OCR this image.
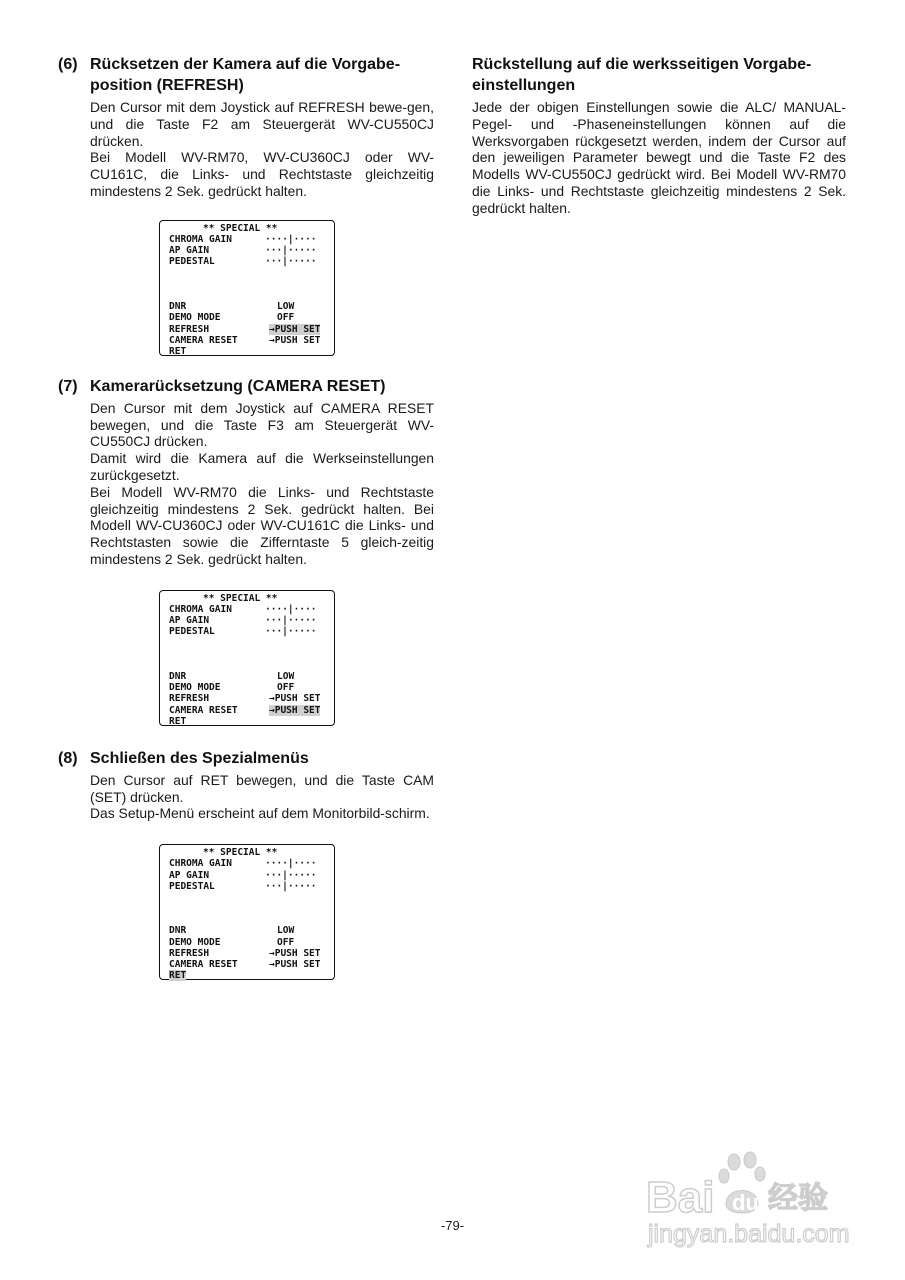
(6) Rücksetzen der Kamera auf die Vorgabe-position (REFRESH)

Den Cursor mit dem Joystick auf REFRESH bewe-gen, und die Taste F2 am Steuergerät WV-CU550CJ drücken.

Bei Modell WV-RM70, WV-CU360CJ oder WV-CU161C, die Links- und Rechtstaste gleichzeitig mindestens 2 Sek. gedrückt halten.

** SPECIAL **
CHROMA GAIN	····|····
AP GAIN	···|·····
PEDESTAL	···|·····
DNR	LOW
DEMO MODE	OFF
REFRESH	→PUSH SET
CAMERA RESET	→PUSH SET
RET
(7) Kamerarücksetzung (CAMERA RESET)

Den Cursor mit dem Joystick auf CAMERA RESET bewegen, und die Taste F3 am Steuergerät WV-CU550CJ drücken.

Damit wird die Kamera auf die Werkseinstellungen zurückgesetzt.

Bei Modell WV-RM70 die Links- und Rechtstaste gleichzeitig mindestens 2 Sek. gedrückt halten. Bei Modell WV-CU360CJ oder WV-CU161C die Links- und Rechtstasten sowie die Zifferntaste 5 gleich-zeitig mindestens 2 Sek. gedrückt halten.

** SPECIAL **
CHROMA GAIN	····|····
AP GAIN	···|·····
PEDESTAL	···|·····
DNR	LOW
DEMO MODE	OFF
REFRESH	→PUSH SET
CAMERA RESET	→PUSH SET
RET
(8) Schließen des Spezialmenüs

Den Cursor auf RET bewegen, und die Taste CAM (SET) drücken.

Das Setup-Menü erscheint auf dem Monitorbild-schirm.

** SPECIAL **
CHROMA GAIN	····|····
AP GAIN	···|·····
PEDESTAL	···|·····
DNR	LOW
DEMO MODE	OFF
REFRESH	→PUSH SET
CAMERA RESET	→PUSH SET
RET
Rückstellung auf die werksseitigen Vorgabe-einstellungen
Jede der obigen Einstellungen sowie die ALC/ MANUAL-Pegel- und -Phaseneinstellungen können auf die Werksvorgaben rückgesetzt werden, indem der Cursor auf den jeweiligen Parameter bewegt und die Taste F2 des Modells WV-CU550CJ gedrückt wird. Bei Modell WV-RM70 die Links- und Rechtstaste gleichzeitig mindestens 2 Sek. gedrückt halten.
-79-
Bai du 经验
jingyan.baidu.com
